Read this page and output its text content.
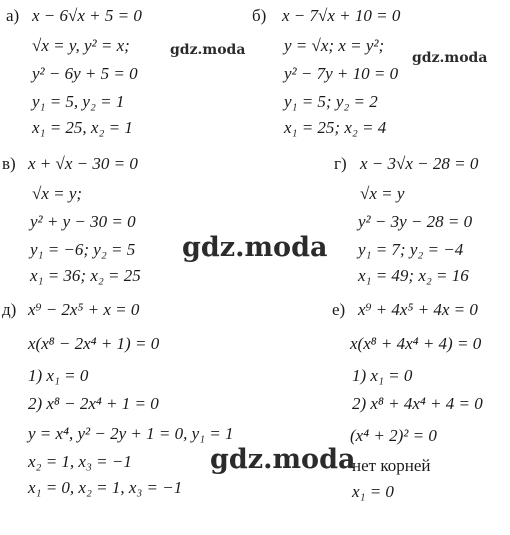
а) x − 6√x + 5 = 0
√x = y, y² = x;
y² − 6y + 5 = 0
y₁ = 5, y₂ = 1
x₁ = 25, x₂ = 1
б) x − 7√x + 10 = 0
y = √x; x = y²;
y² − 7y + 10 = 0
y₁ = 5; y₂ = 2
x₁ = 25; x₂ = 4
в) x + √x − 30 = 0
√x = y;
y² + y − 30 = 0
y₁ = −6; y₂ = 5
x₁ = 36; x₂ = 25
г) x − 3√x − 28 = 0
√x = y
y² − 3y − 28 = 0
y₁ = 7; y₂ = −4
x₁ = 49; x₂ = 16
д) x⁹ − 2x⁵ + x = 0
x(x⁸ − 2x⁴ + 1) = 0
1) x₁ = 0
2) x⁸ − 2x⁴ + 1 = 0
y = x⁴, y² − 2y + 1 = 0, y₁ = 1
x₂ = 1, x₃ = −1
x₁ = 0, x₂ = 1, x₃ = −1
е) x⁹ + 4x⁵ + 4x = 0
x(x⁸ + 4x⁴ + 4) = 0
1) x₁ = 0
2) x⁸ + 4x⁴ + 4 = 0
(x⁴ + 2)² = 0
нет корней
x₁ = 0
gdz.moda	gdz.moda
gdz.moda
gdz.moda
